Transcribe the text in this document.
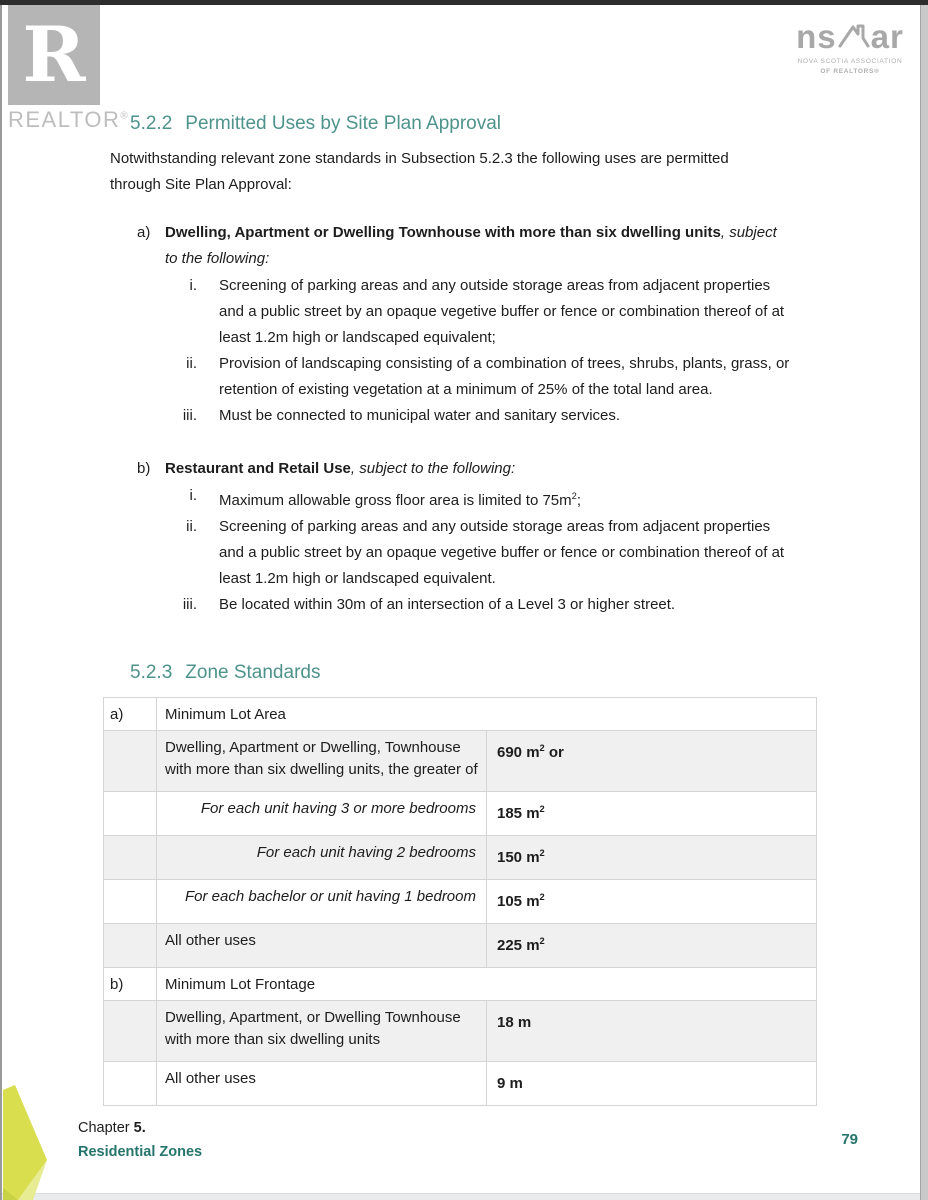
R
REALTOR®
ns ar
NOVA SCOTIA ASSOCIATION
OF REALTORS®
5.2.2 Permitted Uses by Site Plan Approval

Notwithstanding relevant zone standards in Subsection 5.2.3 the following uses are permitted through Site Plan Approval:

a) Dwelling, Apartment or Dwelling Townhouse with more than six dwelling units, subject to the following:
i. Screening of parking areas and any outside storage areas from adjacent properties and a public street by an opaque vegetive buffer or fence or combination thereof of at least 1.2m high or landscaped equivalent;
ii. Provision of landscaping consisting of a combination of trees, shrubs, plants, grass, or retention of existing vegetation at a minimum of 25% of the total land area.
iii. Must be connected to municipal water and sanitary services.
b) Restaurant and Retail Use, subject to the following:
i. Maximum allowable gross floor area is limited to $75m^2$;
ii. Screening of parking areas and any outside storage areas from adjacent properties and a public street by an opaque vegetive buffer or fence or combination thereof of at least 1.2m high or landscaped equivalent.
iii. Be located within 30m of an intersection of a Level 3 or higher street.
5.2.3 Zone Standards
a)	Minimum Lot Area	
	Dwelling, Apartment or Dwelling, Townhouse with more than six dwelling units, the greater of	690 $m^2$ or
	For each unit having 3 or more bedrooms	185 $m^2$
	For each unit having 2 bedrooms	150 $m^2$
	For each bachelor or unit having 1 bedroom	105 $m^2$
	All other uses	225 $m^2$
b)	Minimum Lot Frontage	
	Dwelling, Apartment, or Dwelling Townhouse with more than six dwelling units	18 m
	All other uses	9 m
Chapter 5.
Residential Zones
79
